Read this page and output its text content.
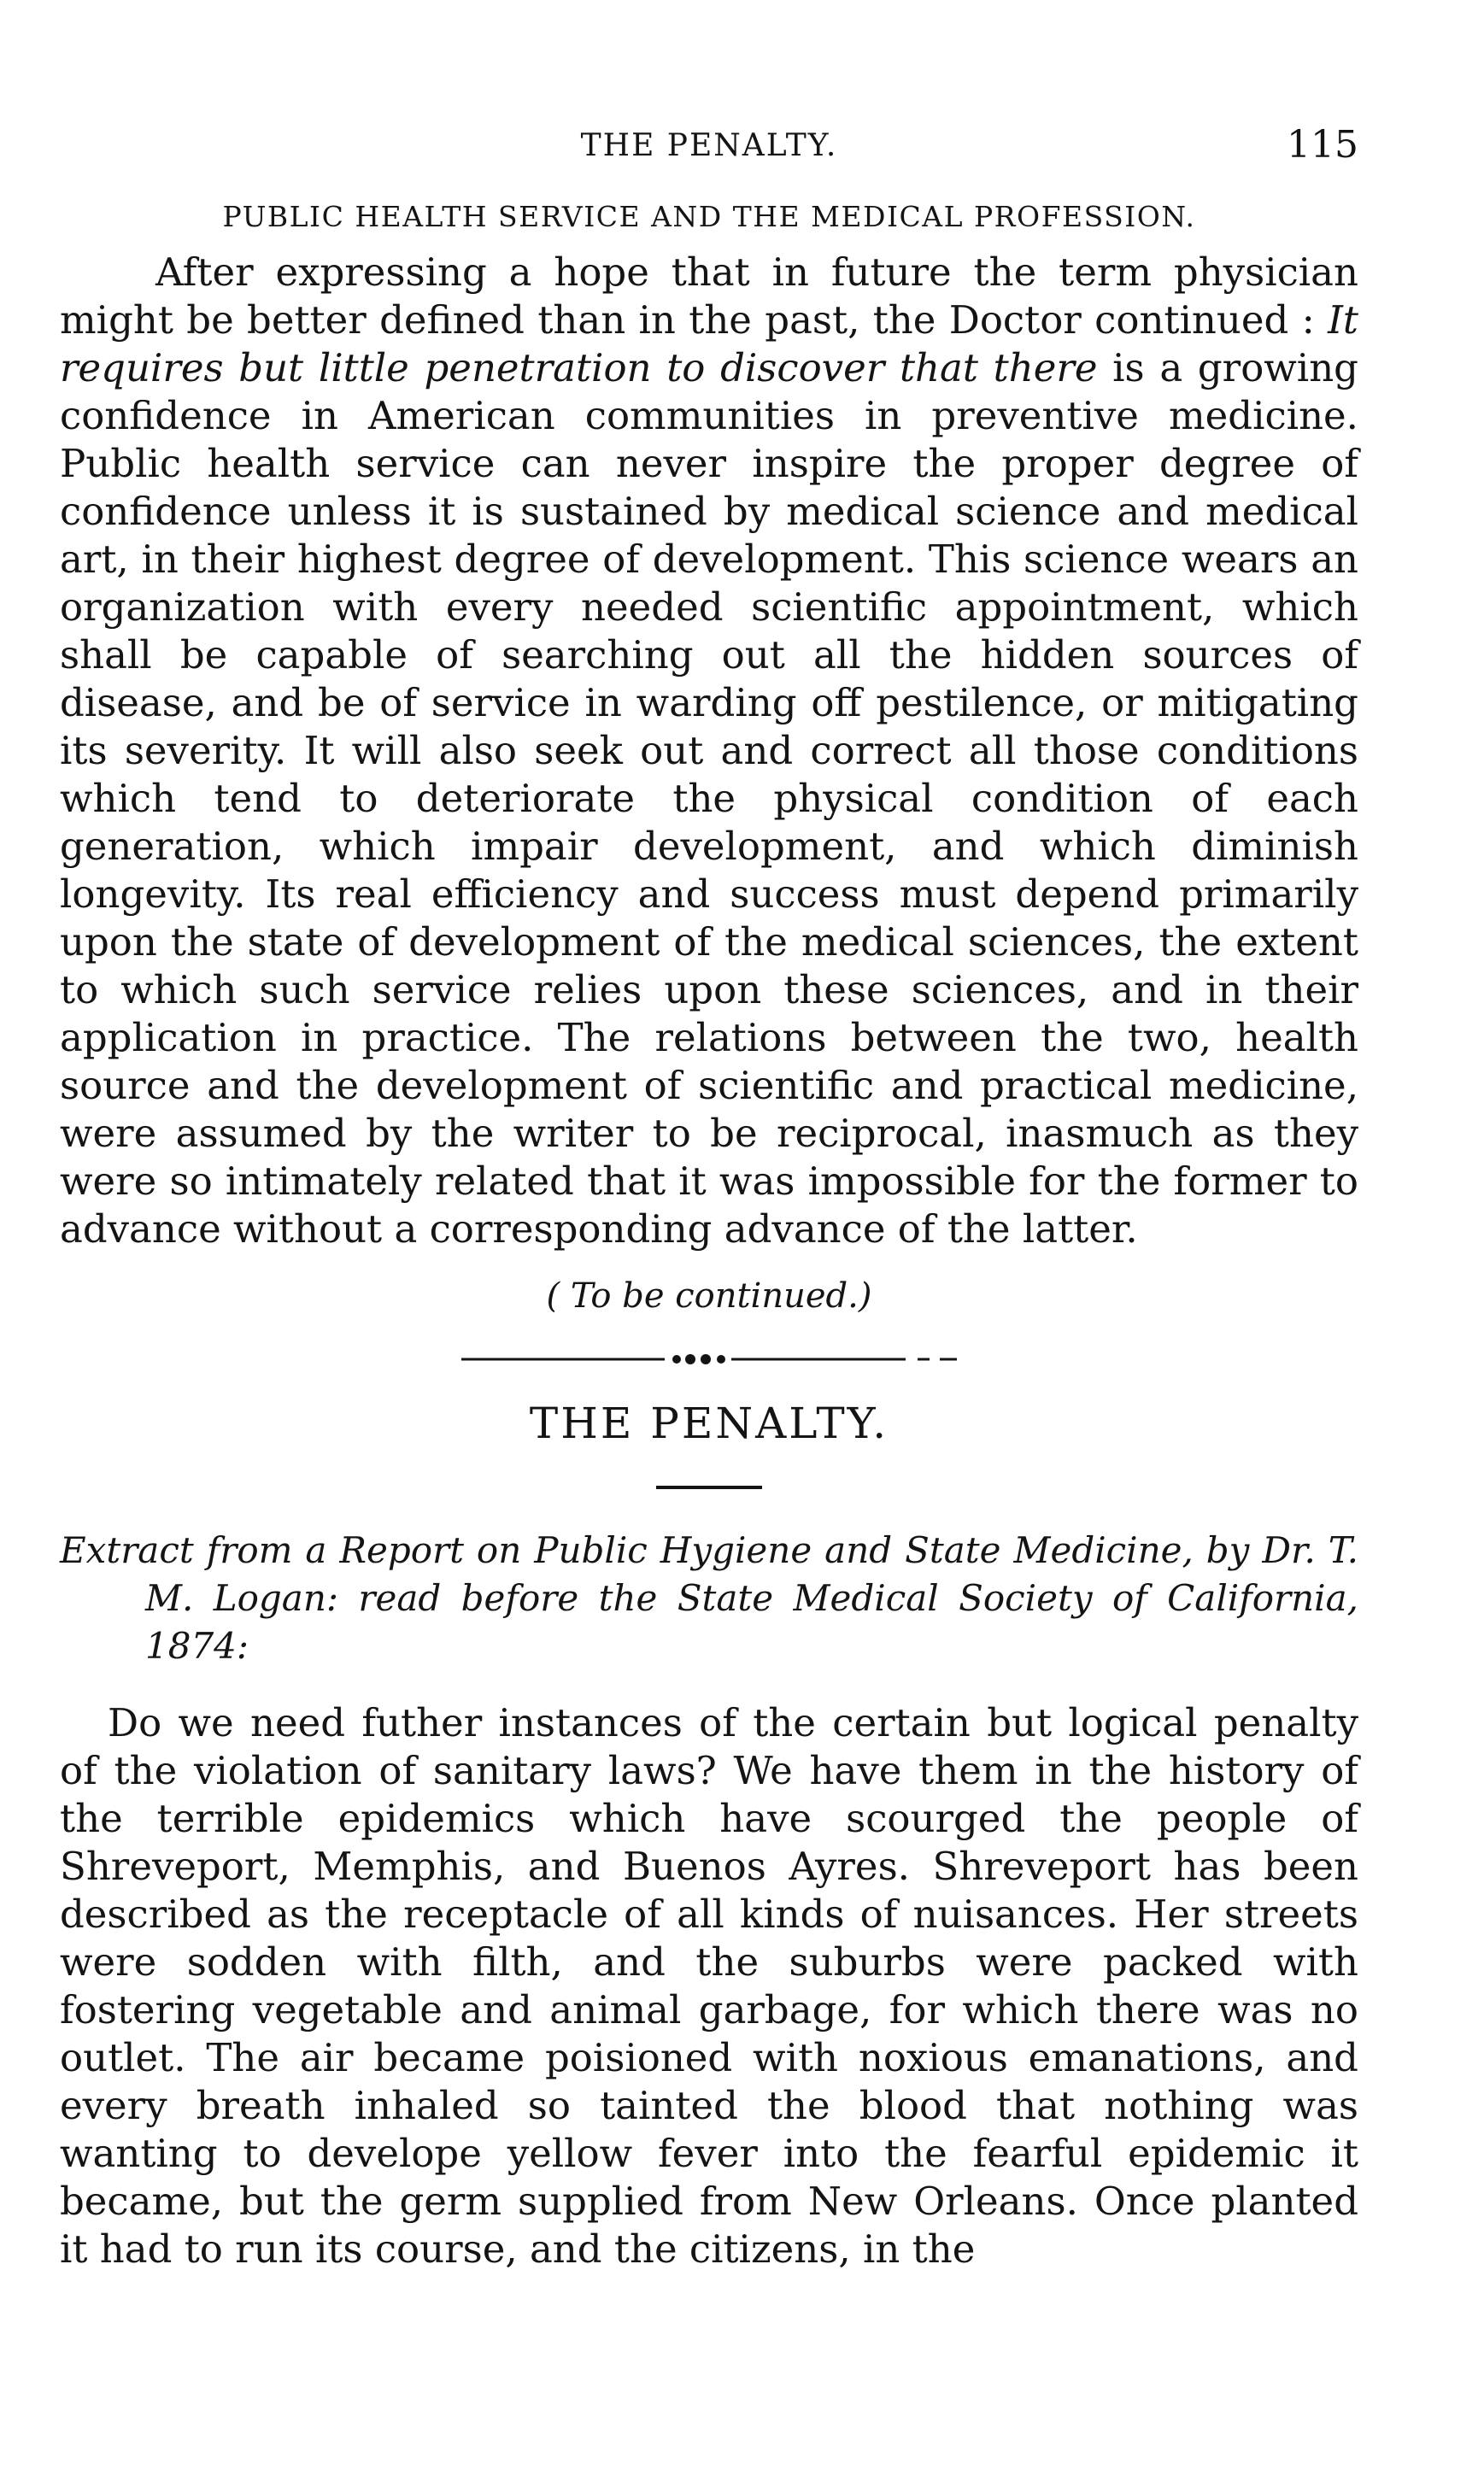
THE PENALTY.	115
PUBLIC HEALTH SERVICE AND THE MEDICAL PROFESSION.

After expressing a hope that in future the term physician might be better defined than in the past, the Doctor continued : It requires but little penetration to discover that there is a growing confidence in American communities in preventive medicine. Public health service can never inspire the proper degree of confidence unless it is sustained by medical science and medical art, in their highest degree of development. This science wears an organization with every needed scientific appointment, which shall be capable of searching out all the hidden sources of disease, and be of service in warding off pestilence, or mitigating its severity. It will also seek out and correct all those conditions which tend to deteriorate the physical condition of each generation, which impair development, and which diminish longevity. Its real efficiency and success must depend primarily upon the state of development of the medical sciences, the extent to which such service relies upon these sciences, and in their application in practice. The relations between the two, health source and the development of scientific and practical medicine, were assumed by the writer to be reciprocal, inasmuch as they were so intimately related that it was impossible for the former to advance without a corresponding advance of the latter.

( To be continued.)
THE PENALTY.
Extract from a Report on Public Hygiene and State Medicine, by Dr. T. M. Logan: read before the State Medical Society of California, 1874:

Do we need futher instances of the certain but logical penalty of the violation of sanitary laws? We have them in the history of the terrible epidemics which have scourged the people of Shreveport, Memphis, and Buenos Ayres. Shreveport has been described as the receptacle of all kinds of nuisances. Her streets were sodden with filth, and the suburbs were packed with fostering vegetable and animal garbage, for which there was no outlet. The air became poisioned with noxious emanations, and every breath inhaled so tainted the blood that nothing was wanting to develope yellow fever into the fearful epidemic it became, but the germ supplied from New Orleans. Once planted it had to run its course, and the citizens, in the
